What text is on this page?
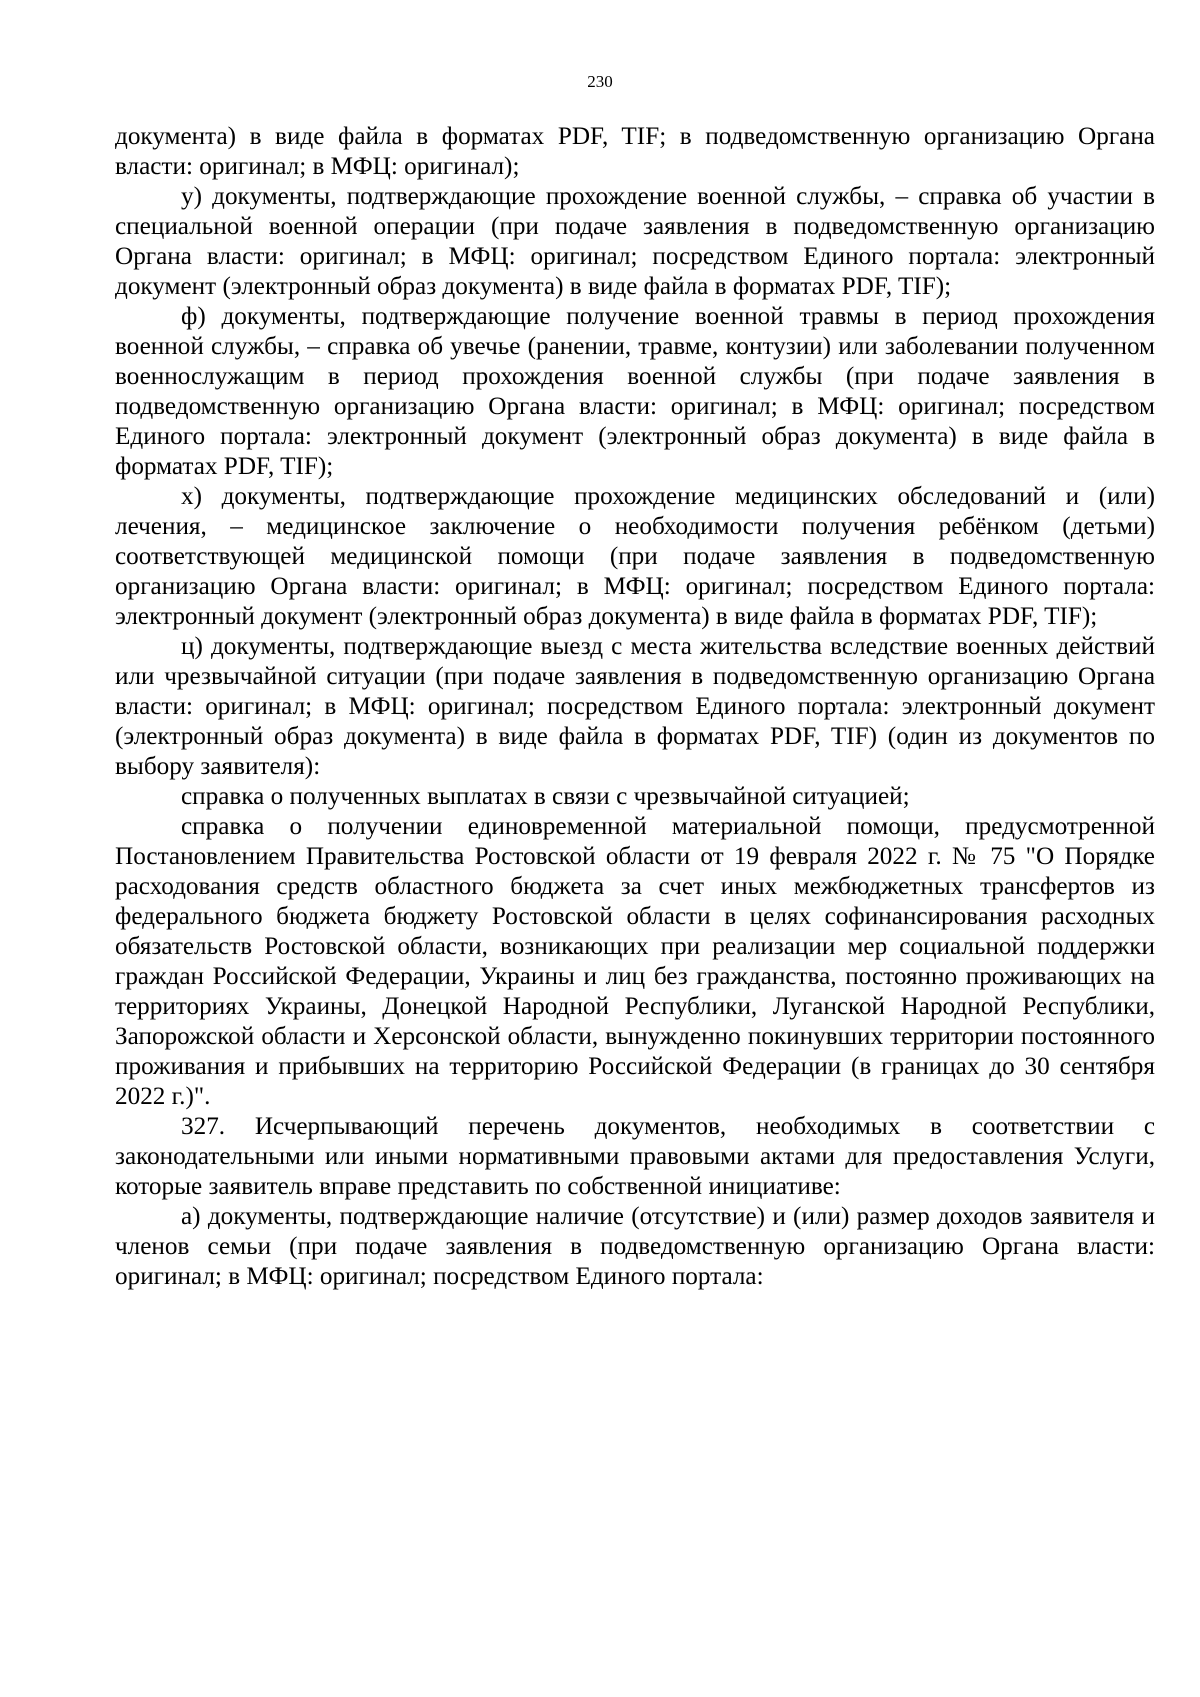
230

документа) в виде файла в форматах PDF, TIF; в подведомственную организацию Органа власти: оригинал; в МФЦ: оригинал);

у) документы, подтверждающие прохождение военной службы, – справка об участии в специальной военной операции (при подаче заявления в подведомственную организацию Органа власти: оригинал; в МФЦ: оригинал; посредством Единого портала: электронный документ (электронный образ документа) в виде файла в форматах PDF, TIF);

ф) документы, подтверждающие получение военной травмы в период прохождения военной службы, – справка об увечье (ранении, травме, контузии) или заболевании полученном военнослужащим в период прохождения военной службы (при подаче заявления в подведомственную организацию Органа власти: оригинал; в МФЦ: оригинал; посредством Единого портала: электронный документ (электронный образ документа) в виде файла в форматах PDF, TIF);

х) документы, подтверждающие прохождение медицинских обследований и (или) лечения, – медицинское заключение о необходимости получения ребёнком (детьми) соответствующей медицинской помощи (при подаче заявления в подведомственную организацию Органа власти: оригинал; в МФЦ: оригинал; посредством Единого портала: электронный документ (электронный образ документа) в виде файла в форматах PDF, TIF);

ц) документы, подтверждающие выезд с места жительства вследствие военных действий или чрезвычайной ситуации (при подаче заявления в подведомственную организацию Органа власти: оригинал; в МФЦ: оригинал; посредством Единого портала: электронный документ (электронный образ документа) в виде файла в форматах PDF, TIF) (один из документов по выбору заявителя):

справка о полученных выплатах в связи с чрезвычайной ситуацией;

справка о получении единовременной материальной помощи, предусмотренной Постановлением Правительства Ростовской области от 19 февраля 2022 г. № 75 "О Порядке расходования средств областного бюджета за счет иных межбюджетных трансфертов из федерального бюджета бюджету Ростовской области в целях софинансирования расходных обязательств Ростовской области, возникающих при реализации мер социальной поддержки граждан Российской Федерации, Украины и лиц без гражданства, постоянно проживающих на территориях Украины, Донецкой Народной Республики, Луганской Народной Республики, Запорожской области и Херсонской области, вынужденно покинувших территории постоянного проживания и прибывших на территорию Российской Федерации (в границах до 30 сентября 2022 г.)".

327. Исчерпывающий перечень документов, необходимых в соответствии с законодательными или иными нормативными правовыми актами для предоставления Услуги, которые заявитель вправе представить по собственной инициативе:

а) документы, подтверждающие наличие (отсутствие) и (или) размер доходов заявителя и членов семьи (при подаче заявления в подведомственную организацию Органа власти: оригинал; в МФЦ: оригинал; посредством Единого портала:
